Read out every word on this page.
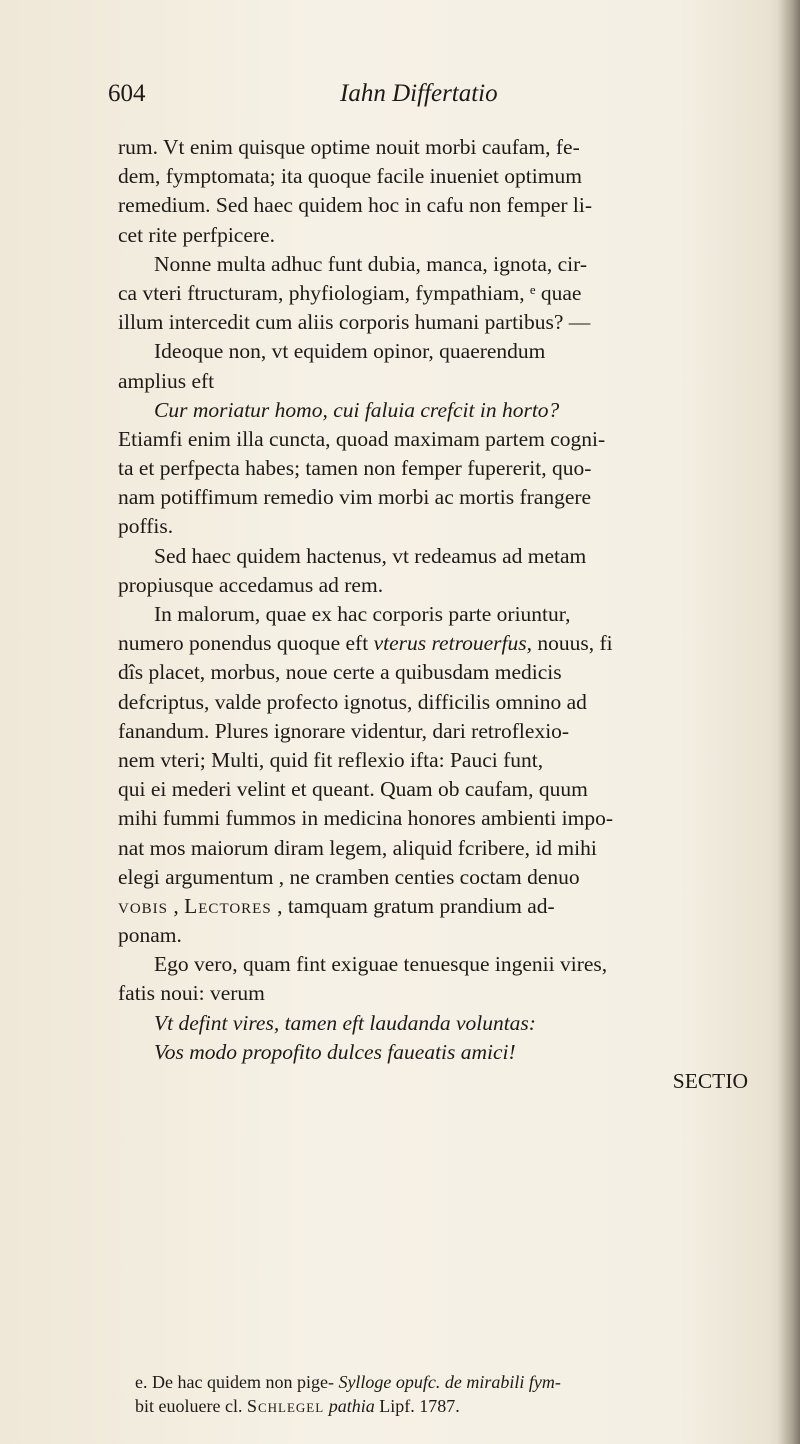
604	Iahn Differtatio
rum. Vt enim quisque optime nouit morbi caufam, fe-
dem, fymptomata; ita quoque facile inueniet optimum
remedium. Sed haec quidem hoc in cafu non femper li-
cet rite perfpicere.
Nonne multa adhuc funt dubia, manca, ignota, cir-
ca vteri ftructuram, phyfiologiam, fympathiam, ᵉ quae
illum intercedit cum aliis corporis humani partibus? —
Ideoque non, vt equidem opinor, quaerendum
amplius eft
Cur moriatur homo, cui faluia crefcit in horto?
Etiamfi enim illa cuncta, quoad maximam partem cogni-
ta et perfpecta habes; tamen non femper fupererit, quo-
nam potiffimum remedio vim morbi ac mortis frangere
poffis.
Sed haec quidem hactenus, vt redeamus ad metam
propiusque accedamus ad rem.
In malorum, quae ex hac corporis parte oriuntur,
numero ponendus quoque eft vterus retrouerfus, nouus, fi
dîs placet, morbus, noue certe a quibusdam medicis
defcriptus, valde profecto ignotus, difficilis omnino ad
fanandum. Plures ignorare videntur, dari retroflexio-
nem vteri; Multi, quid fit reflexio ifta: Pauci funt,
qui ei mederi velint et queant. Quam ob caufam, quum
mihi fummi fummos in medicina honores ambienti impo-
nat mos maiorum diram legem, aliquid fcribere, id mihi
elegi argumentum , ne cramben centies coctam denuo
vobis , Lectores , tamquam gratum prandium ad-
ponam.
Ego vero, quam fint exiguae tenuesque ingenii vires,
fatis noui: verum
Vt defint vires, tamen eft laudanda voluntas:
Vos modo propofito dulces faueatis amici!
SECTIO
e. De hac quidem non pige- Sylloge opufc. de mirabili fym-
bit euoluere cl. Schlegel pathia Lipf. 1787.
